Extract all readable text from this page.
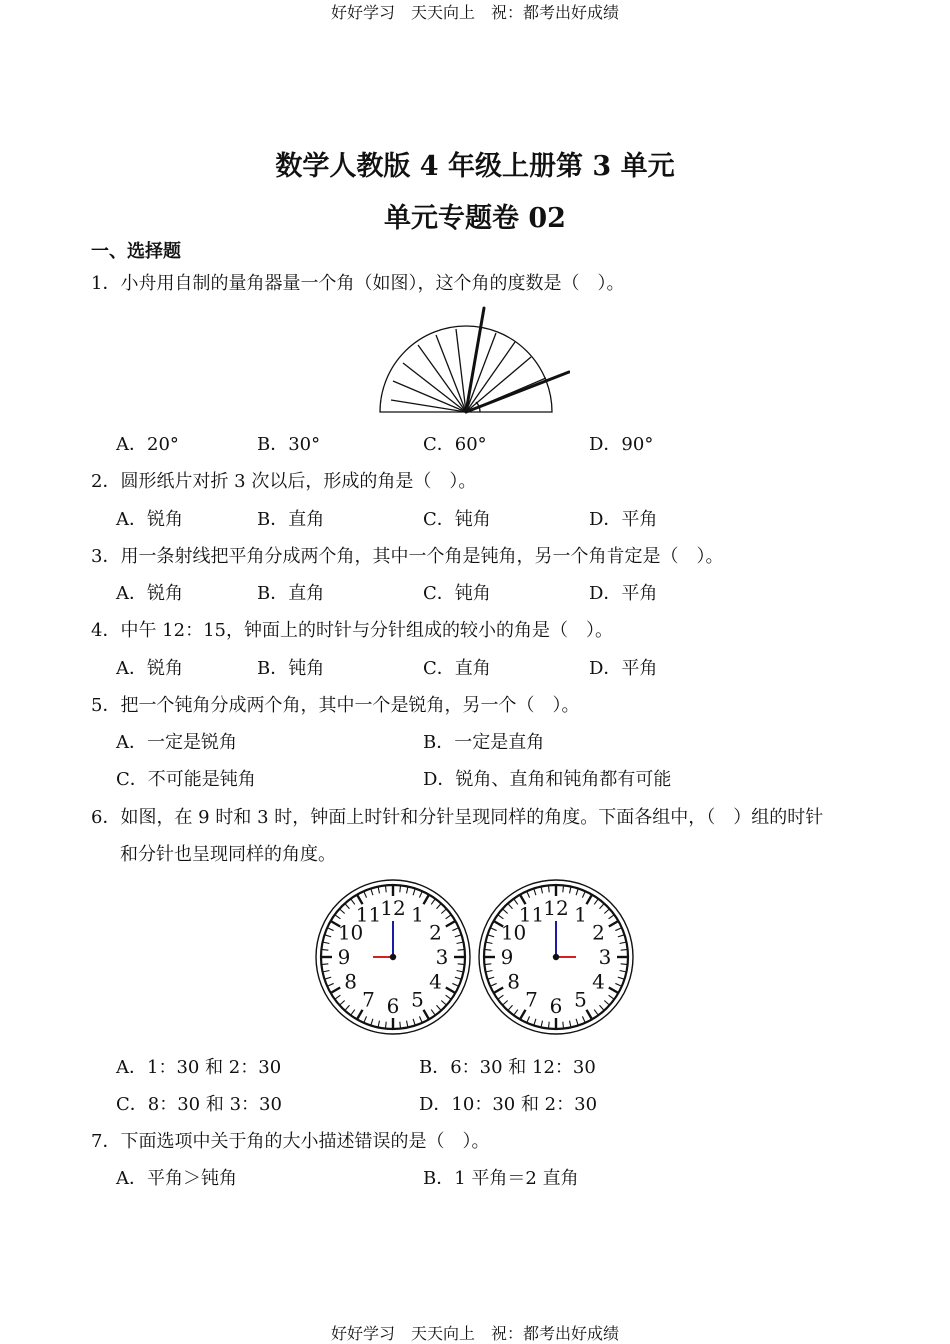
好好学习　天天向上　祝：都考出好成绩
好好学习　天天向上　祝：都考出好成绩
数学人教版 4 年级上册第 3 单元
单元专题卷 02
一、选择题
1．小舟用自制的量角器量一个角（如图），这个角的度数是（　）。
A．20°	B．30°	C．60°	D．90°
2．圆形纸片对折 3 次以后，形成的角是（　）。
A．锐角	B．直角	C．钝角	D．平角
3．用一条射线把平角分成两个角，其中一个角是钝角，另一个角肯定是（　）。
A．锐角	B．直角	C．钝角	D．平角
4．中午 12：15，钟面上的时针与分针组成的较小的角是（　）。
A．锐角	B．钝角	C．直角	D．平角
5．把一个钝角分成两个角，其中一个是锐角，另一个（　）。
A．一定是锐角	B．一定是直角
C．不可能是钝角	D．锐角、直角和钝角都有可能
6．如图，在 9 时和 3 时，钟面上时针和分针呈现同样的角度。下面各组中，（　）组的时针
和分针也呈现同样的角度。
12 1
2
3
4
5
6
7
8
9
10
11	12 1
2
3
4
5
6
7
8
9
10
11
A．1：30 和 2：30	B．6：30 和 12：30
C．8：30 和 3：30	D．10：30 和 2：30
7．下面选项中关于角的大小描述错误的是（　）。
A．平角＞钝角	B．1 平角＝2 直角
